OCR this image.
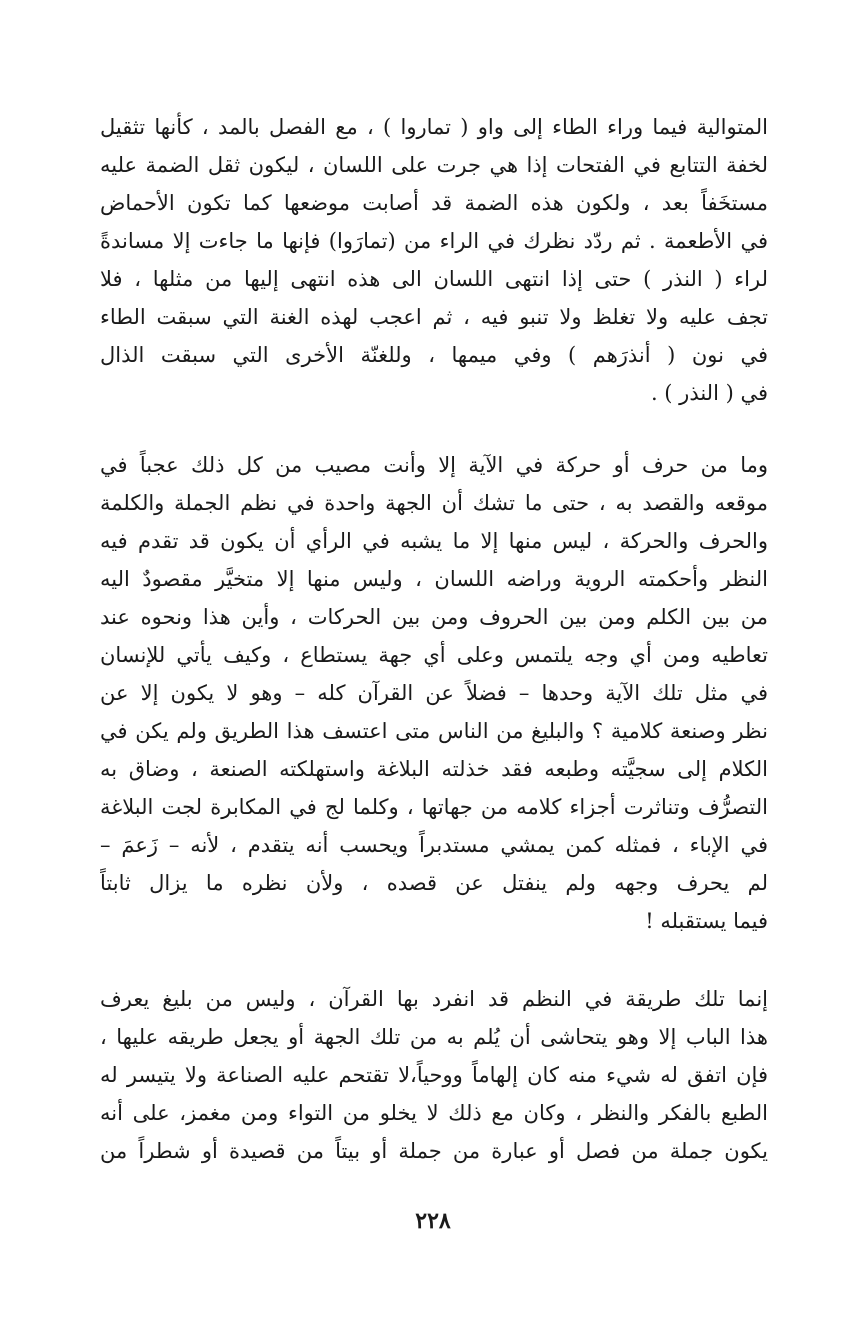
المتوالية فيما وراء الطاء إلى واو ( تماروا ) ، مع الفصل بالمد ، كأنها تثقيل
لخفة التتابع في الفتحات إذا هي جرت على اللسان ، ليكون ثقل الضمة عليه
مستخَفاً بعد ، ولكون هذه الضمة قد أصابت موضعها كما تكون الأحماض
في الأطعمة . ثم ردّد نظرك في الراء من (تمارَوا) فإنها ما جاءت إلا مساندةً
لراء ( النذر ) حتى إذا انتهى اللسان الى هذه انتهى إليها من مثلها ، فلا
تجف عليه ولا تغلظ ولا تنبو فيه ، ثم اعجب لهذه الغنة التي سبقت الطاء
في نون ( أنذرَهم ) وفي ميمها ، وللغنّة الأخرى التي سبقت الذال
في ( النذر ) .
وما من حرف أو حركة في الآية إلا وأنت مصيب من كل ذلك عجباً في
موقعه والقصد به ، حتى ما تشك أن الجهة واحدة في نظم الجملة والكلمة
والحرف والحركة ، ليس منها إلا ما يشبه في الرأي أن يكون قد تقدم فيه
النظر وأحكمته الروية وراضه اللسان ، وليس منها إلا متخيَّر مقصودٌ اليه
من بين الكلم ومن بين الحروف ومن بين الحركات ، وأين هذا ونحوه عند
تعاطيه ومن أي وجه يلتمس وعلى أي جهة يستطاع ، وكيف يأتي للإنسان
في مثل تلك الآية وحدها – فضلاً عن القرآن كله – وهو لا يكون إلا عن
نظر وصنعة كلامية ؟ والبليغ من الناس متى اعتسف هذا الطريق ولم يكن في
الكلام إلى سجيَّته وطبعه فقد خذلته البلاغة واستهلكته الصنعة ، وضاق به
التصرُّف وتناثرت أجزاء كلامه من جهاتها ، وكلما لج في المكابرة لجت البلاغة
في الإباء ، فمثله كمن يمشي مستدبراً ويحسب أنه يتقدم ، لأنه – زَعمَ –
لم يحرف وجهه ولم ينفتل عن قصده ، ولأن نظره ما يزال ثابتاً
فيما يستقبله !
إنما تلك طريقة في النظم قد انفرد بها القرآن ، وليس من بليغ يعرف
هذا الباب إلا وهو يتحاشى أن يُلم به من تلك الجهة أو يجعل طريقه عليها ،
فإن اتفق له شيء منه كان إلهاماً ووحياً،لا تقتحم عليه الصناعة ولا يتيسر له
الطبع بالفكر والنظر ، وكان مع ذلك لا يخلو من التواء ومن مغمز، على أنه
يكون جملة من فصل أو عبارة من جملة أو بيتاً من قصيدة أو شطراً من
٢٢٨
